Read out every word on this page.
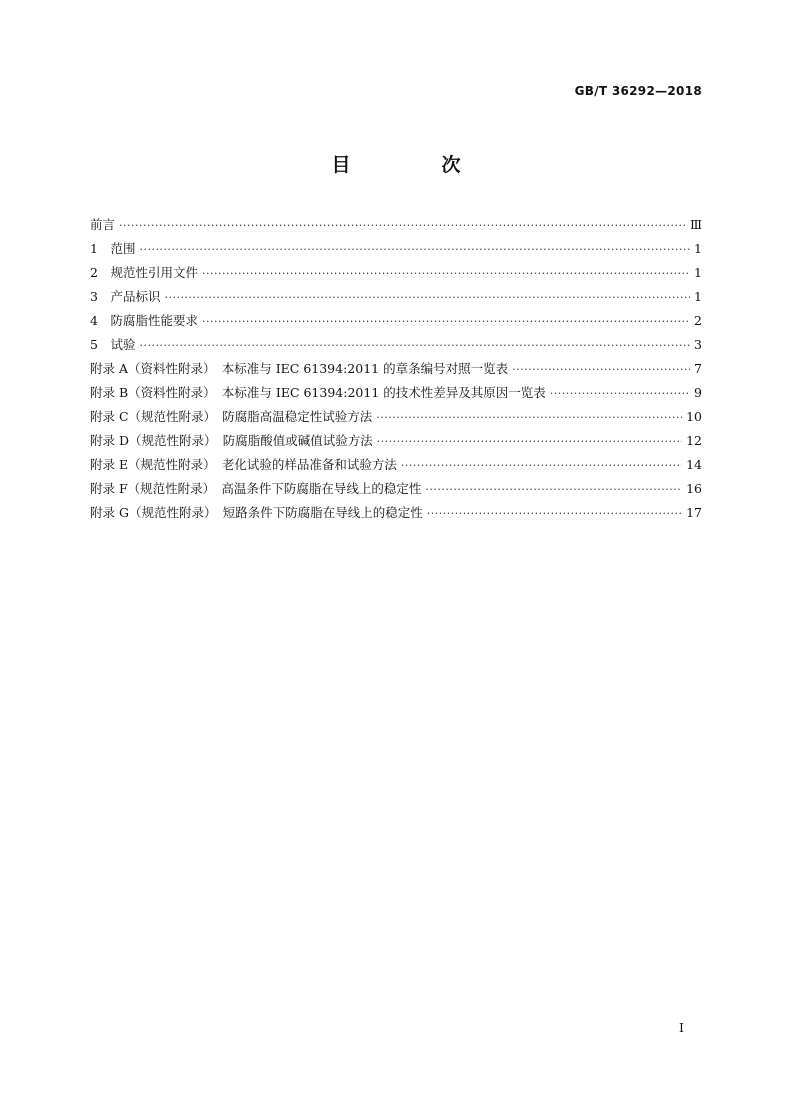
GB/T 36292—2018
目　次
前言 ·····	Ⅲ
1　范围 ·····	1
2　规范性引用文件 ·····	1
3　产品标识 ·····	1
4　防腐脂性能要求 ·····	2
5　试验 ·····	3
附录 A（资料性附录）　本标准与 IEC 61394:2011 的章条编号对照一览表 ·····	7
附录 B（资料性附录）　本标准与 IEC 61394:2011 的技术性差异及其原因一览表 ·····	9
附录 C（规范性附录）　防腐脂高温稳定性试验方法 ·····	10
附录 D（规范性附录）　防腐脂酸值或碱值试验方法 ·····	12
附录 E（规范性附录）　老化试验的样品准备和试验方法 ·····	14
附录 F（规范性附录）　高温条件下防腐脂在导线上的稳定性 ·····	16
附录 G（规范性附录）　短路条件下防腐脂在导线上的稳定性 ·····	17
I
